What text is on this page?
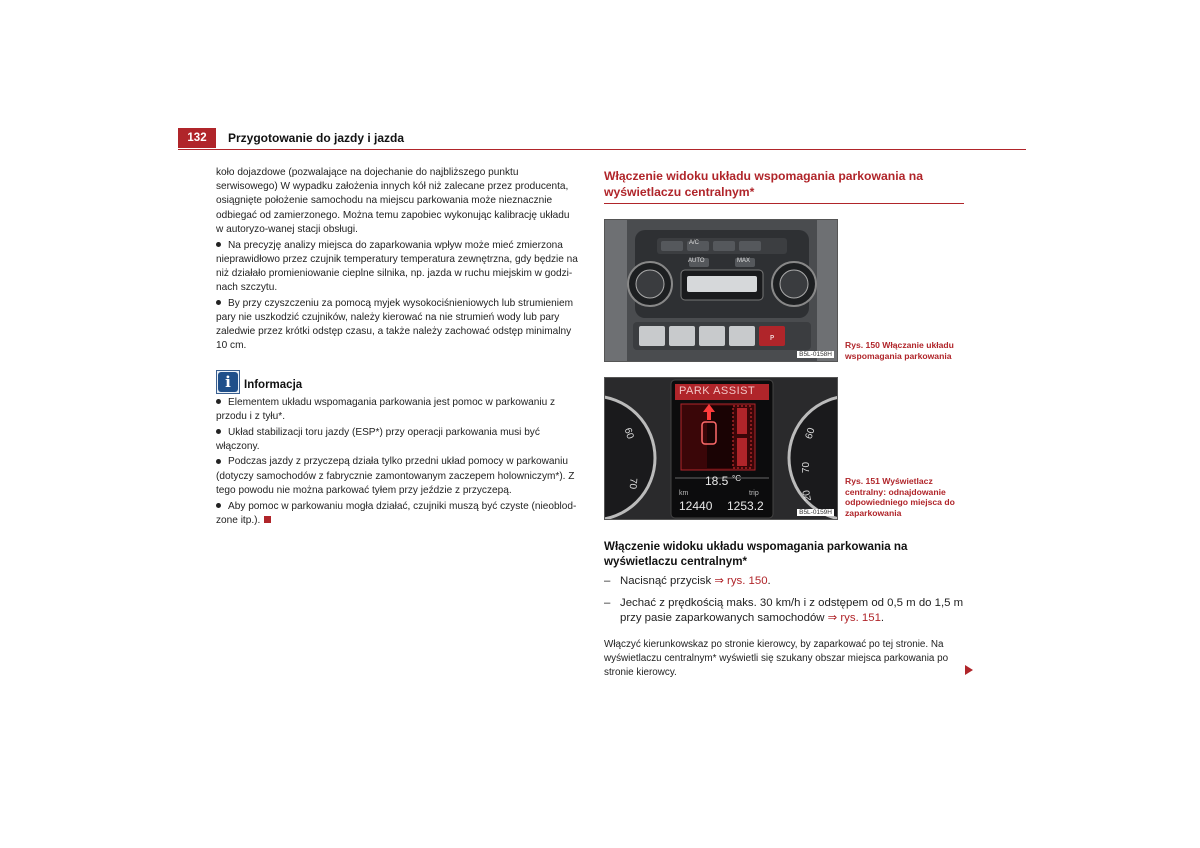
132	Przygotowanie do jazdy i jazda

koło dojazdowe (pozwalające na dojechanie do najbliższego punktu serwisowego) W wypadku założenia innych kół niż zalecane przez producenta, osiągnięte położenie samochodu na miejscu parkowania może nieznacznie odbiegać od zamierzonego. Można temu zapobiec wykonując kalibrację układu w autoryzo-wanej stacji obsługi.

Na precyzję analizy miejsca do zaparkowania wpływ może mieć zmierzona nieprawidłowo przez czujnik temperatury temperatura zewnętrzna, gdy będzie na niż działało promieniowanie cieplne silnika, np. jazda w ruchu miejskim w godzi-nach szczytu.

By przy czyszczeniu za pomocą myjek wysokociśnieniowych lub strumieniem pary nie uszkodzić czujników, należy kierować na nie strumień wody lub pary zaledwie przez krótki odstęp czasu, a także należy zachować odstęp minimalny 10 cm.

i	Informacja

Elementem układu wspomagania parkowania jest pomoc w parkowaniu z przodu i z tyłu*.

Układ stabilizacji toru jazdy (ESP*) przy operacji parkowania musi być włączony.

Podczas jazdy z przyczepą działa tylko przedni układ pomocy w parkowaniu (dotyczy samochodów z fabrycznie zamontowanym zaczepem holowniczym*). Z tego powodu nie można parkować tyłem przy jeździe z przyczepą.

Aby pomoc w parkowaniu mogła działać, czujniki muszą być czyste (nieoblod-zone itp.).

Włączenie widoku układu wspomagania parkowania na wyświetlaczu centralnym*
P
A/C
AUTO	MAX
B5L-0158H
Rys. 150 Włączanie układu wspomagania parkowania
PARK ASSIST
18.5 °C
km	trip
12440 1253.2
60
70
60
70
20
B5L-0159H
Rys. 151 Wyświetlacz centralny: odnajdowanie odpowiedniego miejsca do zaparkowania
Włączenie widoku układu wspomagania parkowania na wyświetlaczu centralnym*
– Nacisnąć przycisk ⇒ rys. 150.
– Jechać z prędkością maks. 30 km/h i z odstępem od 0,5 m do 1,5 m przy pasie zaparkowanych samochodów ⇒ rys. 151.
Włączyć kierunkowskaz po stronie kierowcy, by zaparkować po tej stronie. Na wyświetlaczu centralnym* wyświetli się szukany obszar miejsca parkowania po stronie kierowcy.
